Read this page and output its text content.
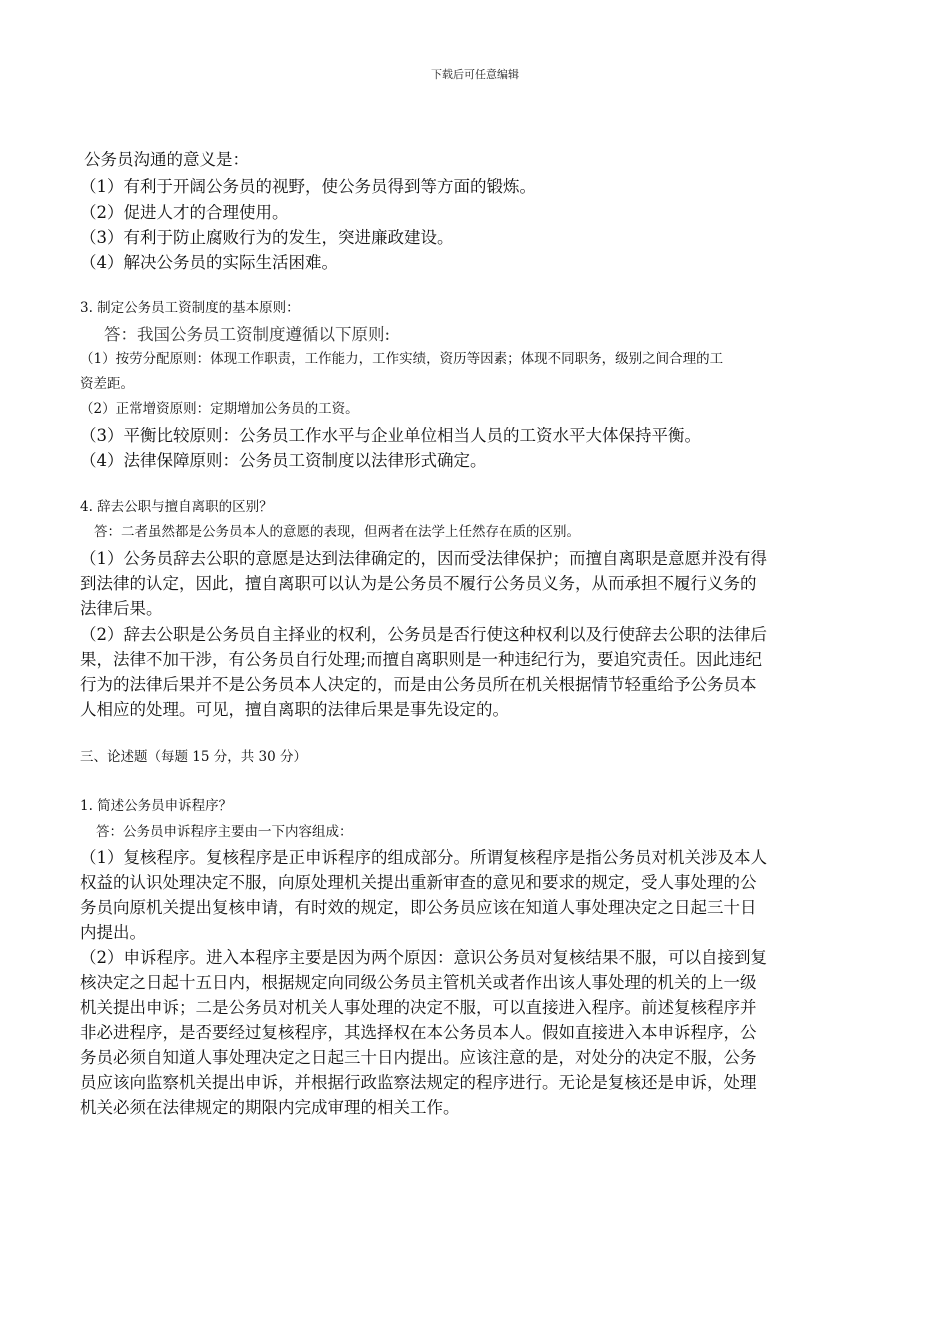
下载后可任意编辑
公务员沟通的意义是：
（1）有利于开阔公务员的视野，使公务员得到等方面的锻炼。
（2）促进人才的合理使用。
（3）有利于防止腐败行为的发生，突进廉政建设。
（4）解决公务员的实际生活困难。
3. 制定公务员工资制度的基本原则：
答：我国公务员工资制度遵循以下原则:
（1）按劳分配原则：体现工作职责，工作能力，工作实绩，资历等因素；体现不同职务，级别之间合理的工
资差距。
（2）正常增资原则：定期增加公务员的工资。
（3）平衡比较原则：公务员工作水平与企业单位相当人员的工资水平大体保持平衡。
（4）法律保障原则：公务员工资制度以法律形式确定。
4. 辞去公职与擅自离职的区别？
答：二者虽然都是公务员本人的意愿的表现，但两者在法学上任然存在质的区别。
（1）公务员辞去公职的意愿是达到法律确定的，因而受法律保护；而擅自离职是意愿并没有得
到法律的认定，因此，擅自离职可以认为是公务员不履行公务员义务，从而承担不履行义务的
法律后果。
（2）辞去公职是公务员自主择业的权利，公务员是否行使这种权利以及行使辞去公职的法律后
果，法律不加干涉，有公务员自行处理;而擅自离职则是一种违纪行为，要追究责任。因此违纪
行为的法律后果并不是公务员本人决定的，而是由公务员所在机关根据情节轻重给予公务员本
人相应的处理。可见，擅自离职的法律后果是事先设定的。
三、论述题（每题 15 分，共 30 分）
1. 简述公务员申诉程序？
答：公务员申诉程序主要由一下内容组成：
（1）复核程序。复核程序是正申诉程序的组成部分。所谓复核程序是指公务员对机关涉及本人
权益的认识处理决定不服，向原处理机关提出重新审查的意见和要求的规定，受人事处理的公
务员向原机关提出复核申请，有时效的规定，即公务员应该在知道人事处理决定之日起三十日
内提出。
（2）申诉程序。进入本程序主要是因为两个原因：意识公务员对复核结果不服，可以自接到复
核决定之日起十五日内，根据规定向同级公务员主管机关或者作出该人事处理的机关的上一级
机关提出申诉；二是公务员对机关人事处理的决定不服，可以直接进入程序。前述复核程序并
非必进程序，是否要经过复核程序，其选择权在本公务员本人。假如直接进入本申诉程序，公
务员必须自知道人事处理决定之日起三十日内提出。应该注意的是，对处分的决定不服，公务
员应该向监察机关提出申诉，并根据行政监察法规定的程序进行。无论是复核还是申诉，处理
机关必须在法律规定的期限内完成审理的相关工作。
